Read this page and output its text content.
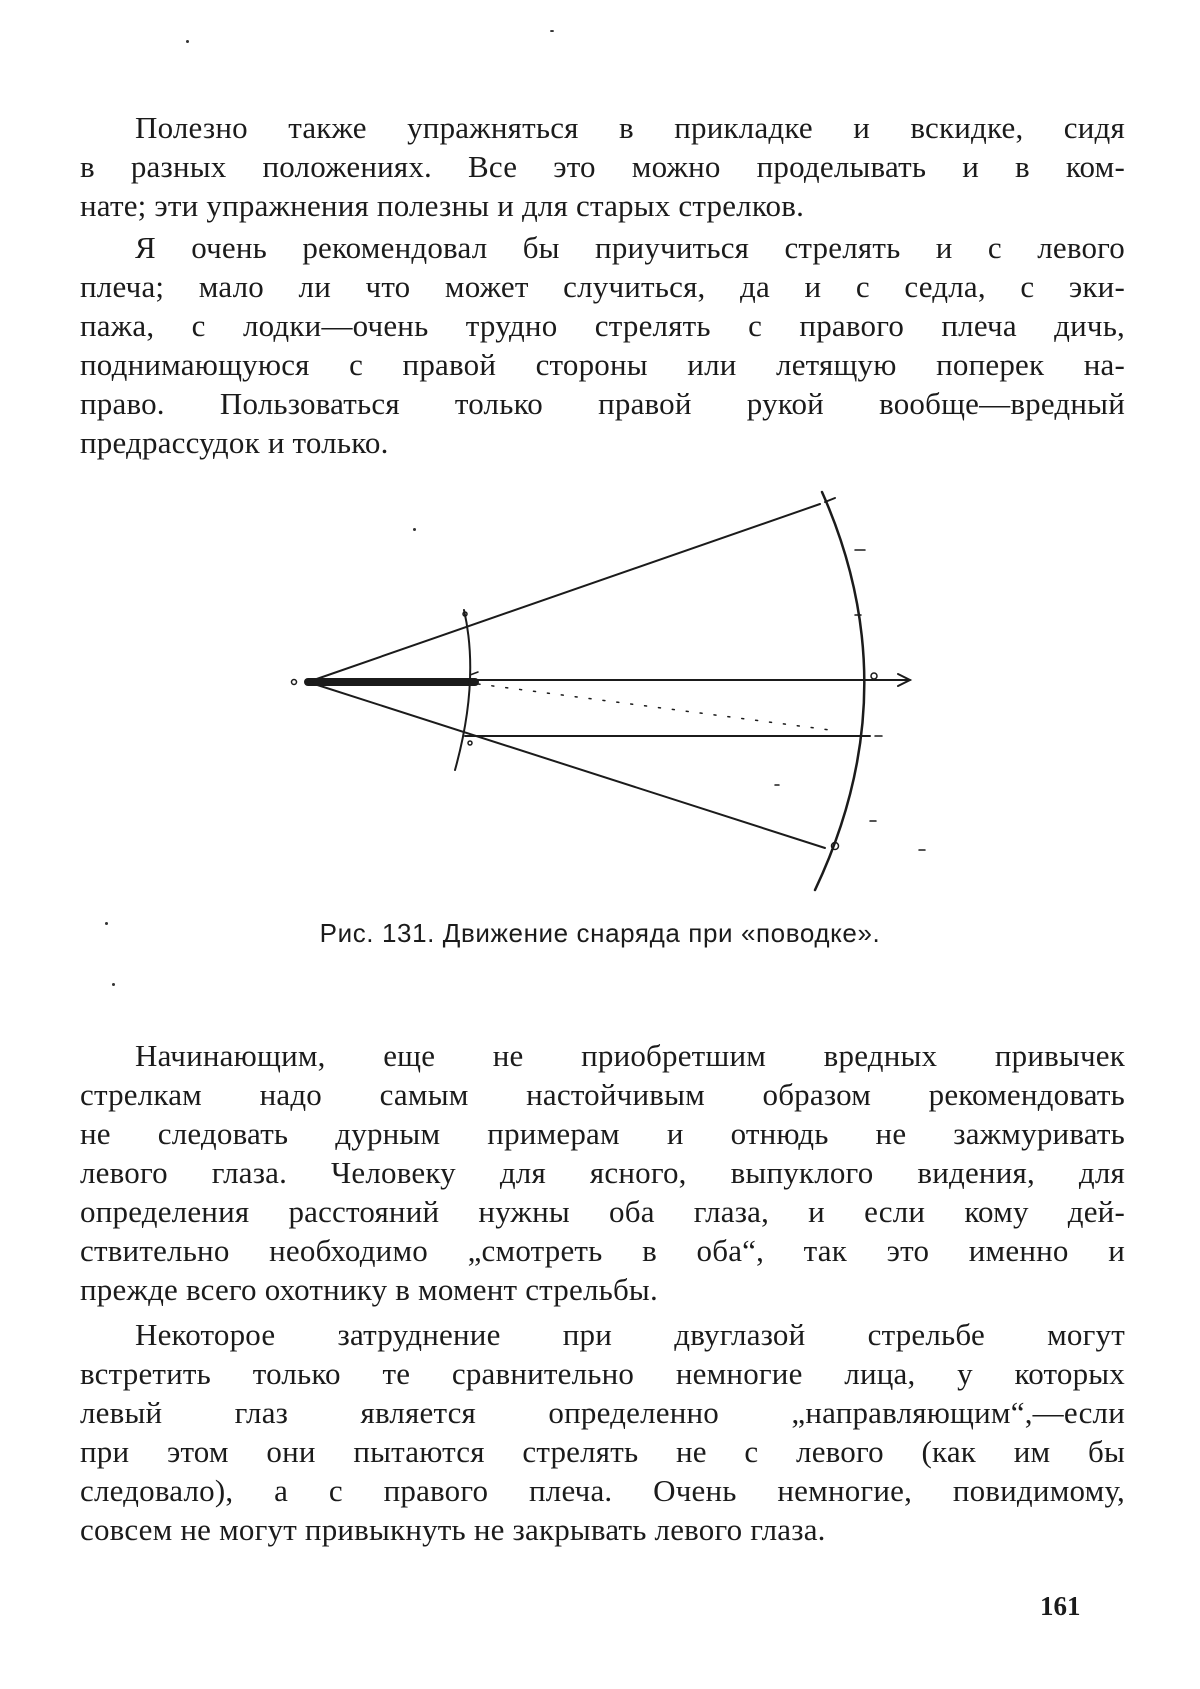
Полезно также упражняться в прикладке и вскидке, сидя
в разных положениях. Все это можно проделывать и в ком-
нате; эти упражнения полезны и для старых стрелков.
Я очень рекомендовал бы приучиться стрелять и с левого
плеча; мало ли что может случиться, да и с седла, с эки-
пажа, с лодки—очень трудно стрелять с правого плеча дичь,
поднимающуюся с правой стороны или летящую поперек на-
право. Пользоваться только правой рукой вообще—вредный
предрассудок и только.
Рис. 131. Движение снаряда при «поводке».
Начинающим, еще не приобретшим вредных привычек
стрелкам надо самым настойчивым образом рекомендовать
не следовать дурным примерам и отнюдь не зажмуривать
левого глаза. Человеку для ясного, выпуклого видения, для
определения расстояний нужны оба глаза, и если кому дей-
ствительно необходимо „смотреть в оба“, так это именно и
прежде всего охотнику в момент стрельбы.
Некоторое затруднение при двуглазой стрельбе могут
встретить только те сравнительно немногие лица, у которых
левый глаз является определенно „направляющим“,—если
при этом они пытаются стрелять не с левого (как им бы
следовало), а с правого плеча. Очень немногие, повидимому,
совсем не могут привыкнуть не закрывать левого глаза.
161
